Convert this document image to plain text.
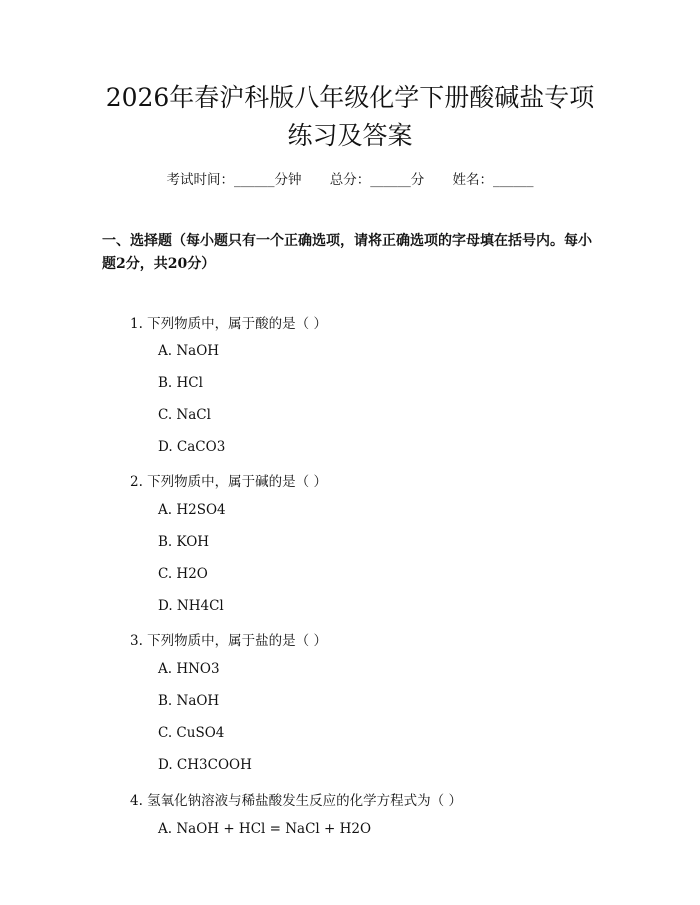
2026年春沪科版八年级化学下册酸碱盐专项
练习及答案
考试时间：______分钟 总分：______分 姓名：______
一、选择题（每小题只有一个正确选项，请将正确选项的字母填在括号内。每小题2分，共20分）
1. 下列物质中，属于酸的是（ ）
A. NaOH
B. HCl
C. NaCl
D. CaCO3
2. 下列物质中，属于碱的是（ ）
A. H2SO4
B. KOH
C. H2O
D. NH4Cl
3. 下列物质中，属于盐的是（ ）
A. HNO3
B. NaOH
C. CuSO4
D. CH3COOH
4. 氢氧化钠溶液与稀盐酸发生反应的化学方程式为（ ）
A. NaOH + HCl = NaCl + H2O
